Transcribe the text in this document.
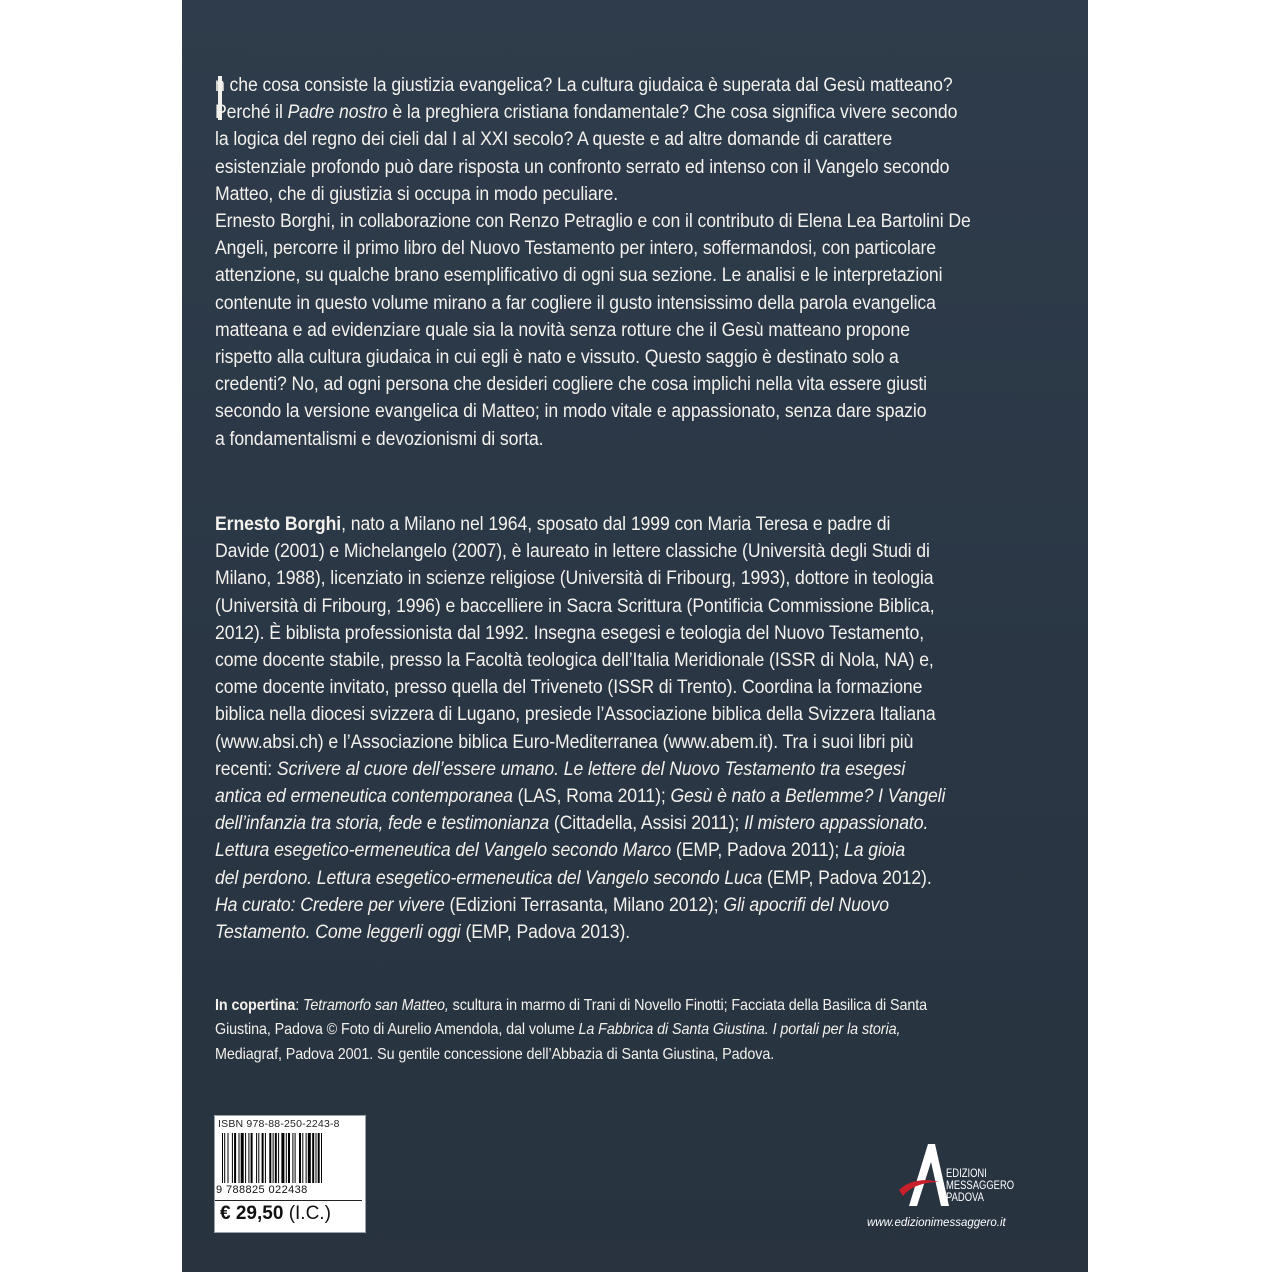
n che cosa consiste la giustizia evangelica? La cultura giudaica è superata dal Gesù matteano?
Perché il Padre nostro è la preghiera cristiana fondamentale? Che cosa significa vivere secondo
la logica del regno dei cieli dal I al XXI secolo? A queste e ad altre domande di carattere
esistenziale profondo può dare risposta un confronto serrato ed intenso con il Vangelo secondo
Matteo, che di giustizia si occupa in modo peculiare.
Ernesto Borghi, in collaborazione con Renzo Petraglio e con il contributo di Elena Lea Bartolini De
Angeli, percorre il primo libro del Nuovo Testamento per intero, soffermandosi, con particolare
attenzione, su qualche brano esemplificativo di ogni sua sezione. Le analisi e le interpretazioni
contenute in questo volume mirano a far cogliere il gusto intensissimo della parola evangelica
matteana e ad evidenziare quale sia la novità senza rotture che il Gesù matteano propone
rispetto alla cultura giudaica in cui egli è nato e vissuto. Questo saggio è destinato solo a
credenti? No, ad ogni persona che desideri cogliere che cosa implichi nella vita essere giusti
secondo la versione evangelica di Matteo; in modo vitale e appassionato, senza dare spazio
a fondamentalismi e devozionismi di sorta.
Ernesto Borghi, nato a Milano nel 1964, sposato dal 1999 con Maria Teresa e padre di
Davide (2001) e Michelangelo (2007), è laureato in lettere classiche (Università degli Studi di
Milano, 1988), licenziato in scienze religiose (Università di Fribourg, 1993), dottore in teologia
(Università di Fribourg, 1996) e baccelliere in Sacra Scrittura (Pontificia Commissione Biblica,
2012). È biblista professionista dal 1992. Insegna esegesi e teologia del Nuovo Testamento,
come docente stabile, presso la Facoltà teologica dell’Italia Meridionale (ISSR di Nola, NA) e,
come docente invitato, presso quella del Triveneto (ISSR di Trento). Coordina la formazione
biblica nella diocesi svizzera di Lugano, presiede l’Associazione biblica della Svizzera Italiana
(www.absi.ch) e l’Associazione biblica Euro-Mediterranea (www.abem.it). Tra i suoi libri più
recenti: Scrivere al cuore dell’essere umano. Le lettere del Nuovo Testamento tra esegesi
antica ed ermeneutica contemporanea (LAS, Roma 2011); Gesù è nato a Betlemme? I Vangeli
dell’infanzia tra storia, fede e testimonianza (Cittadella, Assisi 2011); Il mistero appassionato.
Lettura esegetico-ermeneutica del Vangelo secondo Marco (EMP, Padova 2011); La gioia
del perdono. Lettura esegetico-ermeneutica del Vangelo secondo Luca (EMP, Padova 2012).
Ha curato: Credere per vivere (Edizioni Terrasanta, Milano 2012); Gli apocrifi del Nuovo
Testamento. Come leggerli oggi (EMP, Padova 2013).
In copertina: Tetramorfo san Matteo, scultura in marmo di Trani di Novello Finotti; Facciata della Basilica di Santa
Giustina, Padova © Foto di Aurelio Amendola, dal volume La Fabbrica di Santa Giustina. I portali per la storia,
Mediagraf, Padova 2001. Su gentile concessione dell’Abbazia di Santa Giustina, Padova.
ISBN 978-88-250-2243-8
9 788825 022438
€ 29,50 (I.C.)
EDIZIONI
MESSAGGERO
PADOVA
www.edizionimessaggero.it
